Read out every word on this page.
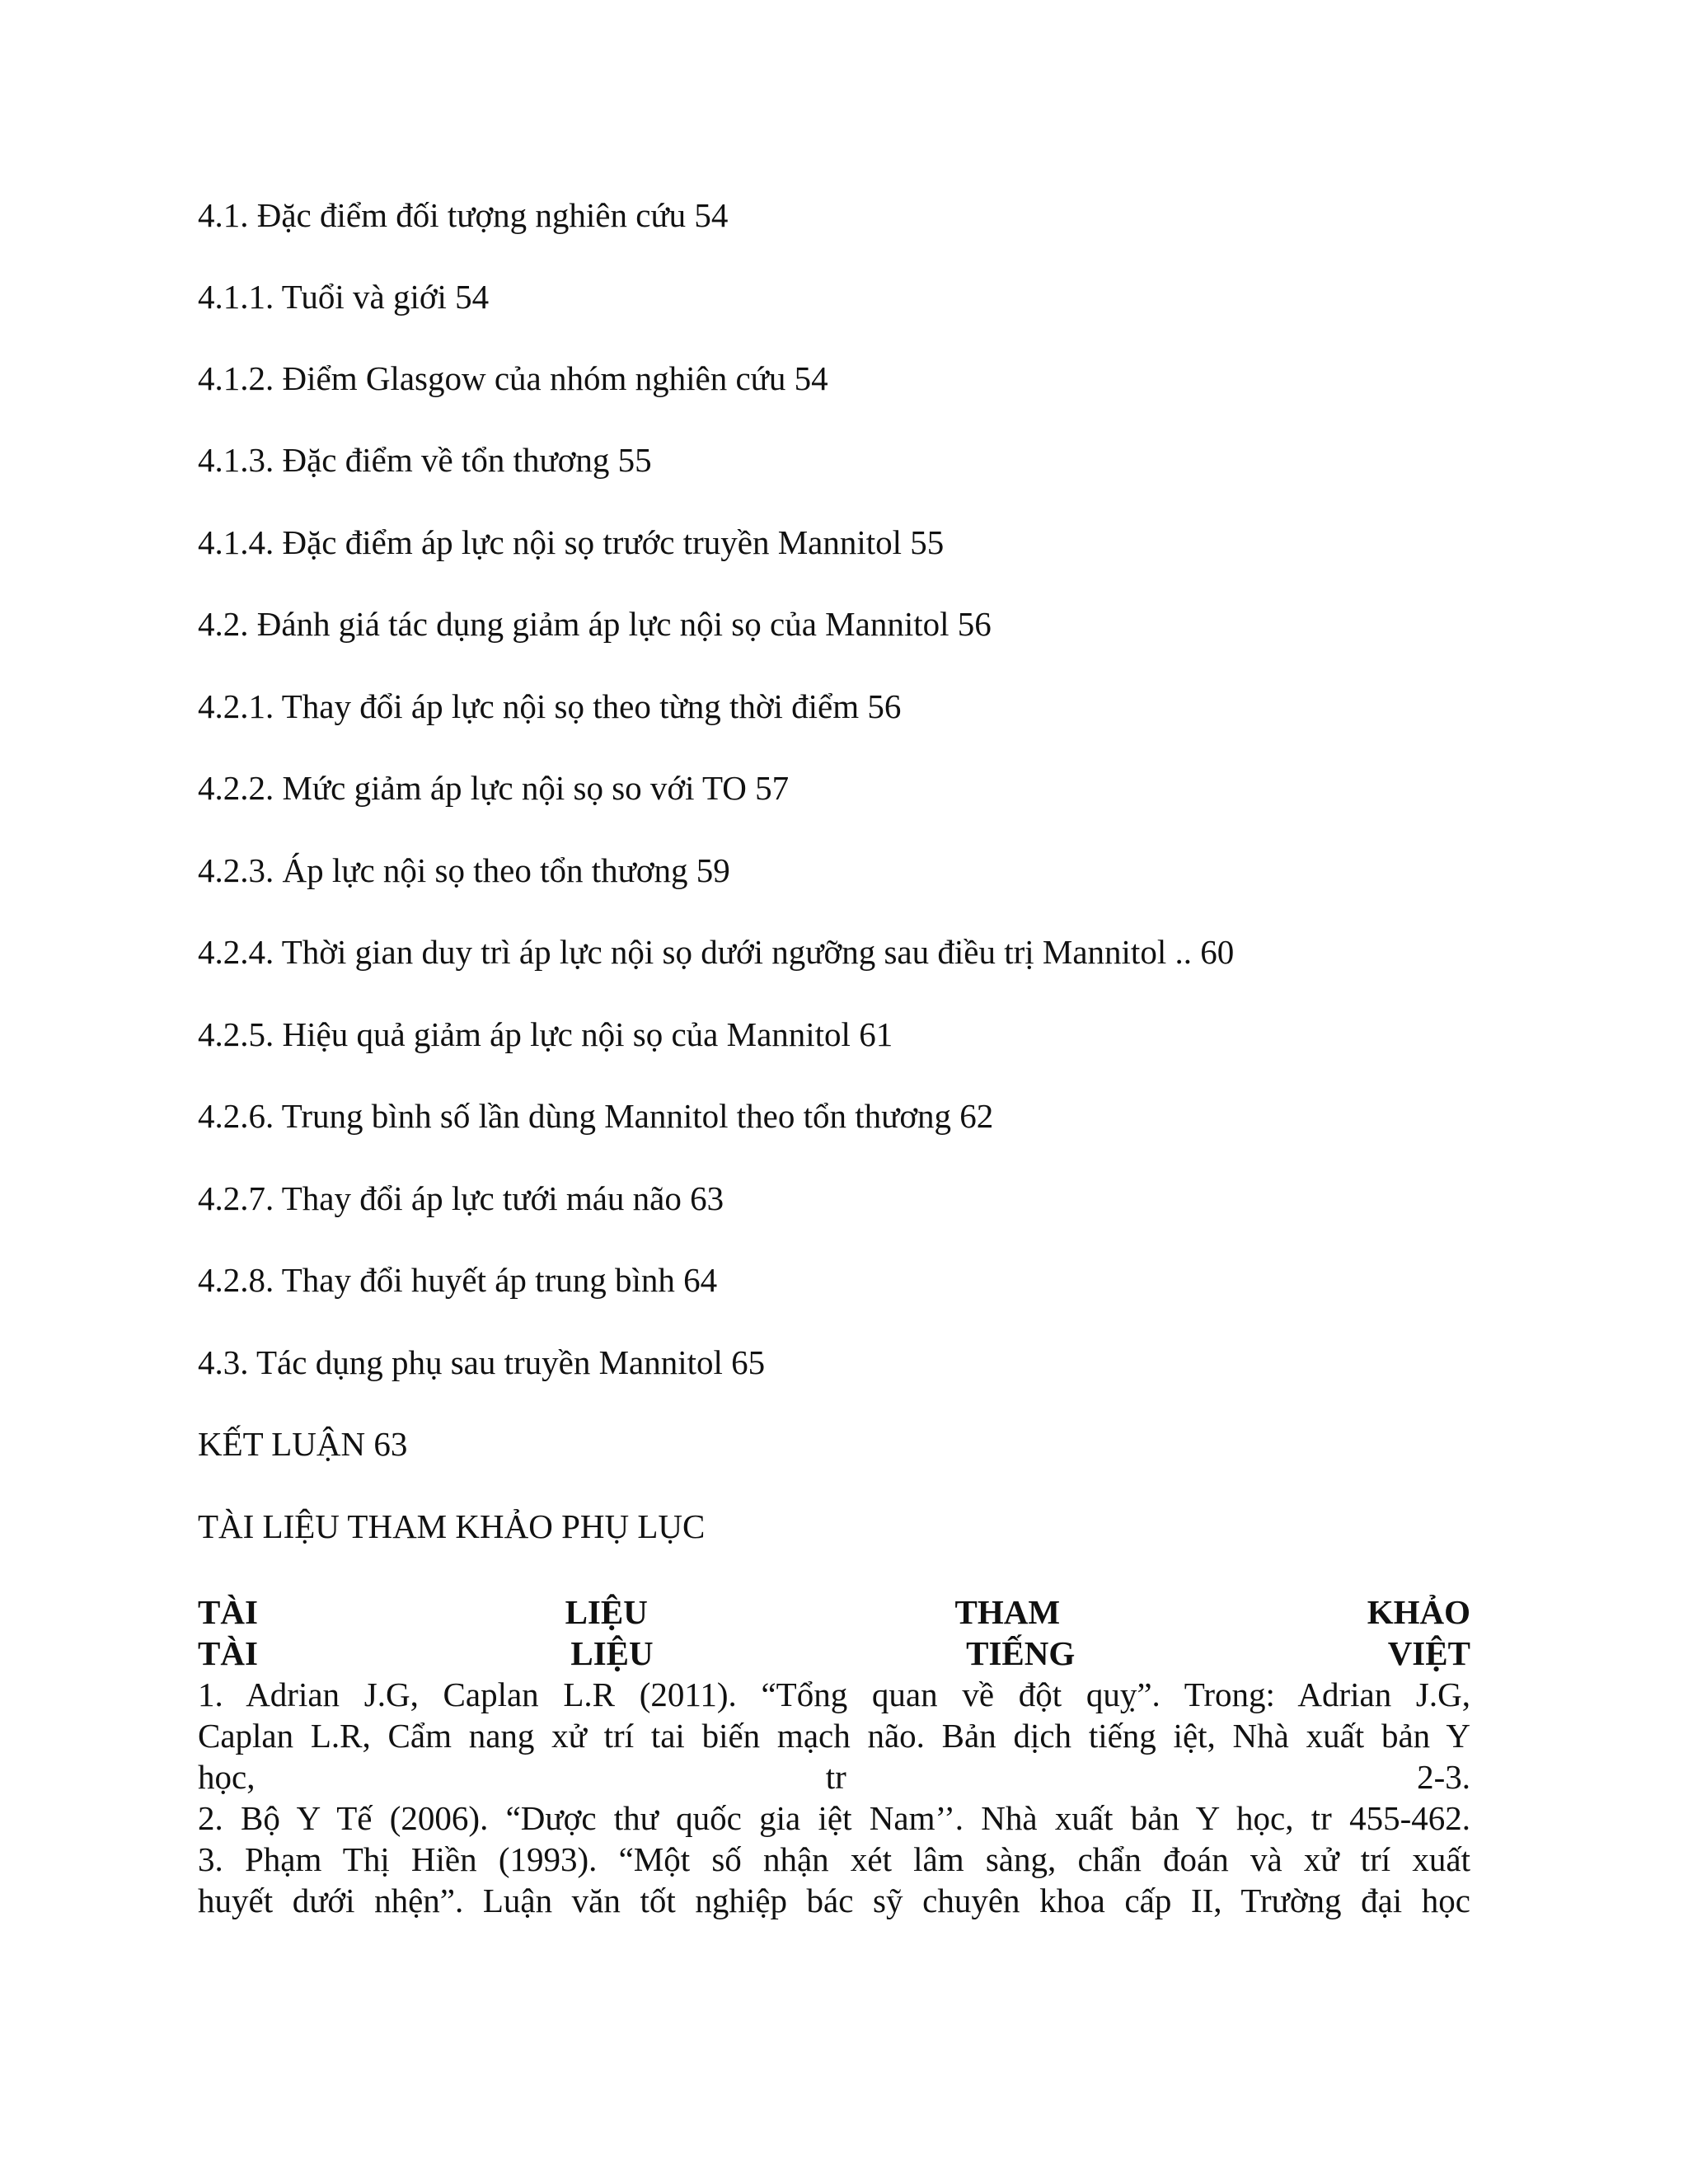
4.1. Đặc điểm đối tượng nghiên cứu 54
4.1.1. Tuổi và giới 54
4.1.2. Điểm Glasgow của nhóm nghiên cứu 54
4.1.3. Đặc điểm về tổn thương 55
4.1.4. Đặc điểm áp lực nội sọ trước truyền Mannitol 55
4.2. Đánh giá tác dụng giảm áp lực nội sọ của Mannitol 56
4.2.1. Thay đổi áp lực nội sọ theo từng thời điểm 56
4.2.2. Mức giảm áp lực nội sọ so với TO 57
4.2.3. Áp lực nội sọ theo tổn thương 59
4.2.4. Thời gian duy trì áp lực nội sọ dưới ngưỡng sau điều trị Mannitol .. 60
4.2.5. Hiệu quả giảm áp lực nội sọ của Mannitol 61
4.2.6. Trung bình số lần dùng Mannitol theo tổn thương 62
4.2.7. Thay đổi áp lực tưới máu não 63
4.2.8. Thay đổi huyết áp trung bình 64
4.3. Tác dụng phụ sau truyền Mannitol 65
KẾT LUẬN 63
TÀI LIỆU THAM KHẢO PHỤ LỤC
TÀI	LIỆU	THAM	KHẢO
TÀI	LIỆU	TIẾNG	VIỆT
1. Adrian J.G, Caplan L.R (2011). “Tổng quan về đột quỵ”. Trong: Adrian J.G,
Caplan L.R, Cẩm nang xử trí tai biến mạch não. Bản dịch tiếng iệt, Nhà xuất bản Y
học,	tr	2-3.
2. Bộ Y Tế (2006). “Dược thư quốc gia iệt Nam’’. Nhà xuất bản Y học, tr 455-462.
3. Phạm Thị Hiền (1993). “Một số nhận xét lâm sàng, chẩn đoán và xử trí xuất
huyết dưới nhện”. Luận văn tốt nghiệp bác sỹ chuyên khoa cấp II, Trường đại học
